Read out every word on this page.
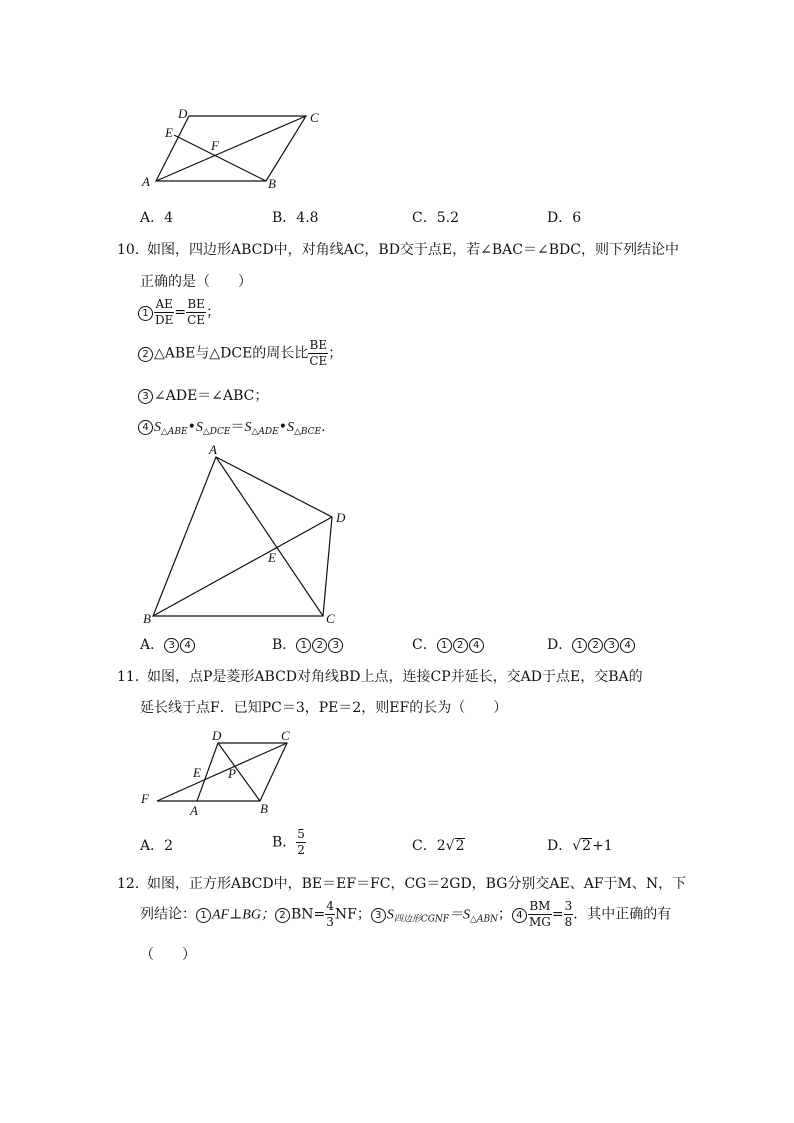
D	C
E
F
A	B
A．4	B．4.8	C．5.2	D．6
10．
如图，四边形ABCD中，对角线AC，BD交于点E，若∠BAC＝∠BDC，则下列结论中
正确的是（　　）
$1 \frac{AE}{DE} = \frac{BE}{CE}$ ；
2 △ABE与△DCE的周长比 $\frac{BE}{CE}$ ；
3 ∠ADE＝∠ABC；
4 $S_{\triangle ABE}•S_{\triangle DCE}=S_{\triangle ADE}•S_{\triangle BCE}$.
A
D
E
B	C
A． 3 4	B． 1 2 3	C． 1 2 4	D． 1 2 3 4
11．
如图，点P是菱形ABCD对角线BD上点，连接CP并延长，交AD于点E，交BA的
延长线于点F．已知PC＝3，PE＝2，则EF的长为（　　）
D	C
E P
F
A	B
A．2	B． $\frac{5}{2}$	C．2√2	D．√2+1
12．
如图，正方形ABCD中，BE＝EF＝FC，CG＝2GD，BG分别交AE、AF于M、N，下
列结论： 1 AF⊥BG； 2 $BN= \frac{4}{3}$ NF； 3 $S_{四边形CGNF}=S_{\triangle ABN}$； $4 \frac{BM}{MG} = \frac{3}{8}$ ．其中正确的有
（　　）
